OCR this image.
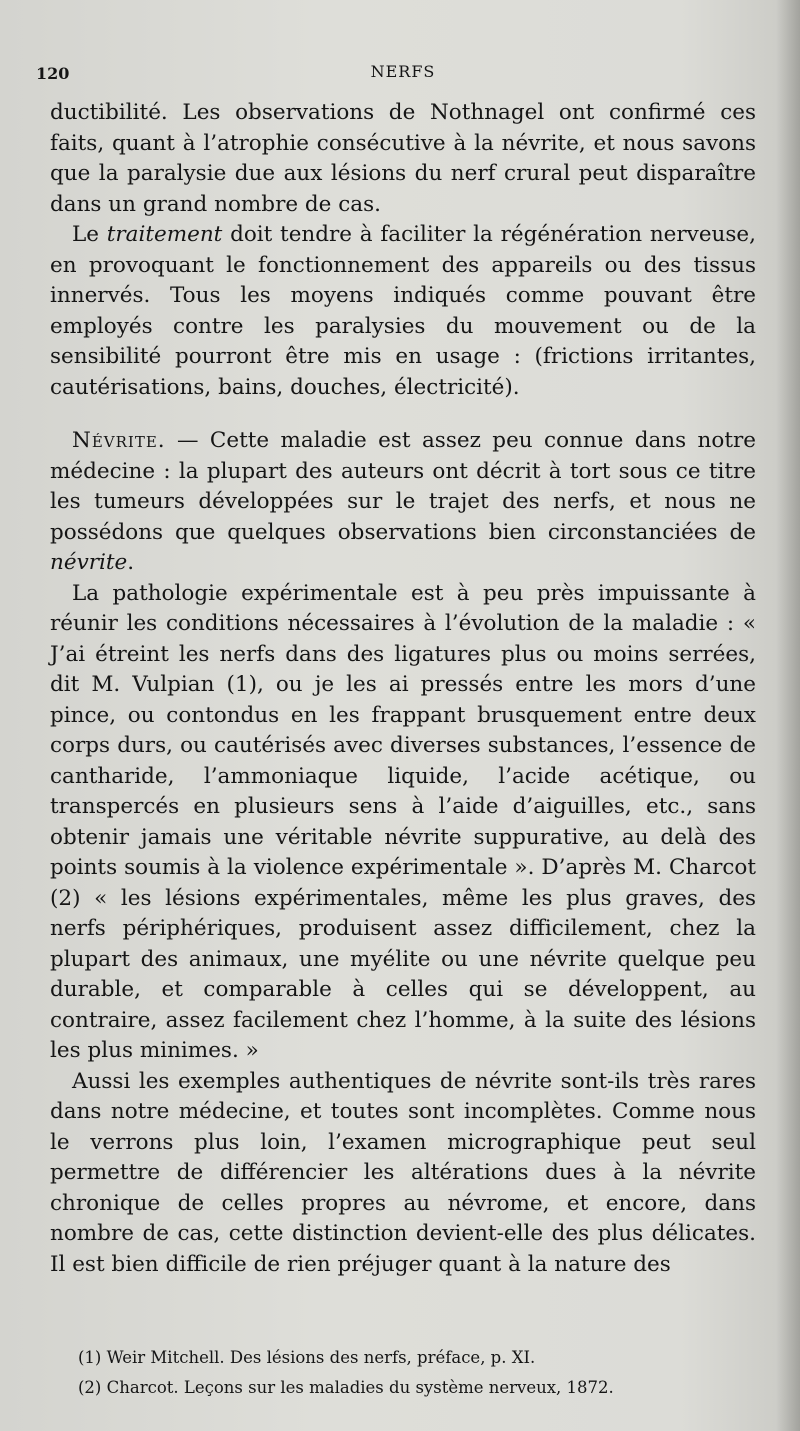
120	NERFS

ductibilité. Les observations de Nothnagel ont confirmé ces faits, quant à l’atrophie consécutive à la névrite, et nous savons que la paralysie due aux lésions du nerf crural peut disparaître dans un grand nombre de cas.

Le traitement doit tendre à faciliter la régénération nerveuse, en provoquant le fonctionnement des appareils ou des tissus innervés. Tous les moyens indiqués comme pouvant être employés contre les paralysies du mouvement ou de la sensibilité pourront être mis en usage : (frictions irritantes, cautérisations, bains, douches, électricité).

Névrite. — Cette maladie est assez peu connue dans notre médecine : la plupart des auteurs ont décrit à tort sous ce titre les tumeurs développées sur le trajet des nerfs, et nous ne possédons que quelques observations bien circonstanciées de névrite.

La pathologie expérimentale est à peu près impuissante à réunir les conditions nécessaires à l’évolution de la maladie : « J’ai étreint les nerfs dans des ligatures plus ou moins serrées, dit M. Vulpian (1), ou je les ai pressés entre les mors d’une pince, ou contondus en les frappant brusquement entre deux corps durs, ou cautérisés avec diverses substances, l’essence de cantharide, l’ammoniaque liquide, l’acide acétique, ou transpercés en plusieurs sens à l’aide d’aiguilles, etc., sans obtenir jamais une véritable névrite suppurative, au delà des points soumis à la violence expérimentale ». D’après M. Charcot (2) « les lésions expérimentales, même les plus graves, des nerfs périphériques, produisent assez difficilement, chez la plupart des animaux, une myélite ou une névrite quelque peu durable, et comparable à celles qui se développent, au contraire, assez facilement chez l’homme, à la suite des lésions les plus minimes. »

Aussi les exemples authentiques de névrite sont-ils très rares dans notre médecine, et toutes sont incomplètes. Comme nous le verrons plus loin, l’examen micrographique peut seul permettre de différencier les altérations dues à la névrite chronique de celles propres au névrome, et encore, dans nombre de cas, cette distinction devient-elle des plus délicates. Il est bien difficile de rien préjuger quant à la nature des

(1) Weir Mitchell. Des lésions des nerfs, préface, p. XI.

(2) Charcot. Leçons sur les maladies du système nerveux, 1872.
